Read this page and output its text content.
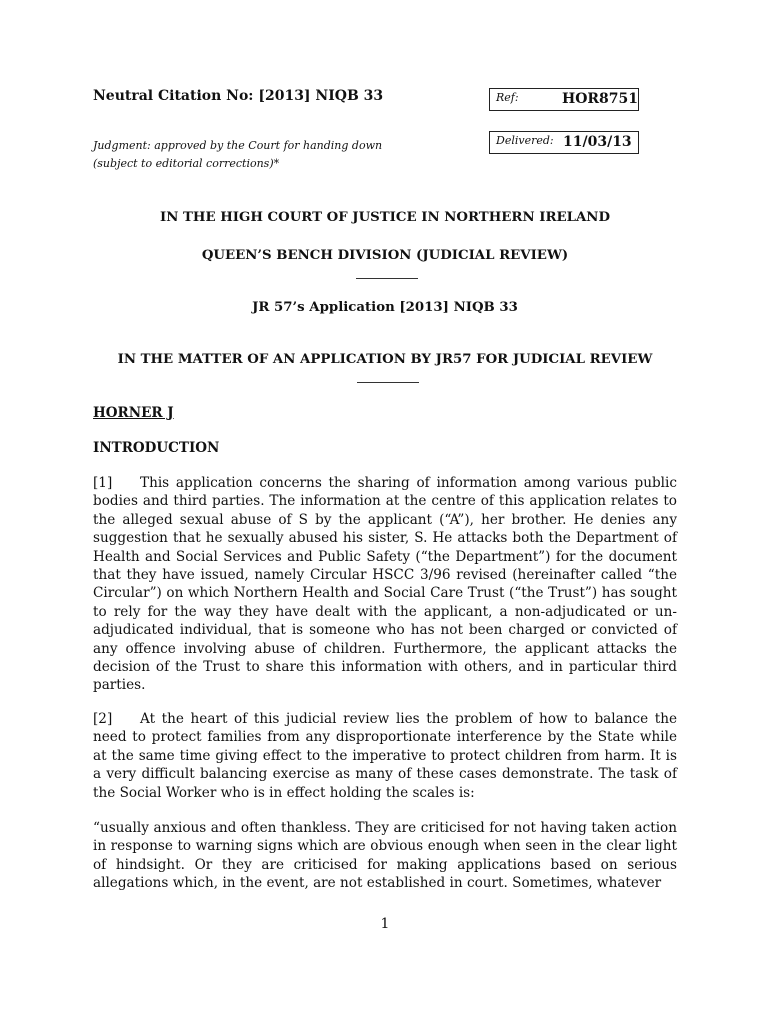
Neutral Citation No: [2013] NIQB 33	Ref:	HOR8751
Delivered: 11/03/13
Judgment: approved by the Court for handing down
(subject to editorial corrections)*
IN THE HIGH COURT OF JUSTICE IN NORTHERN IRELAND
QUEEN’S BENCH DIVISION (JUDICIAL REVIEW)
JR 57’s Application [2013] NIQB 33
IN THE MATTER OF AN APPLICATION BY JR57 FOR JUDICIAL REVIEW
HORNER J
INTRODUCTION
[1] This application concerns the sharing of information among various public bodies and third parties. The information at the centre of this application relates to the alleged sexual abuse of S by the applicant (“A”), her brother. He denies any suggestion that he sexually abused his sister, S. He attacks both the Department of Health and Social Services and Public Safety (“the Department”) for the document that they have issued, namely Circular HSCC 3/96 revised (hereinafter called “the Circular”) on which Northern Health and Social Care Trust (“the Trust”) has sought to rely for the way they have dealt with the applicant, a non-adjudicated or un-adjudicated individual, that is someone who has not been charged or convicted of any offence involving abuse of children. Furthermore, the applicant attacks the decision of the Trust to share this information with others, and in particular third parties.
[2] At the heart of this judicial review lies the problem of how to balance the need to protect families from any disproportionate interference by the State while at the same time giving effect to the imperative to protect children from harm. It is a very difficult balancing exercise as many of these cases demonstrate. The task of the Social Worker who is in effect holding the scales is:
“usually anxious and often thankless. They are criticised for not having taken action in response to warning signs which are obvious enough when seen in the clear light of hindsight. Or they are criticised for making applications based on serious allegations which, in the event, are not established in court. Sometimes, whatever
1
